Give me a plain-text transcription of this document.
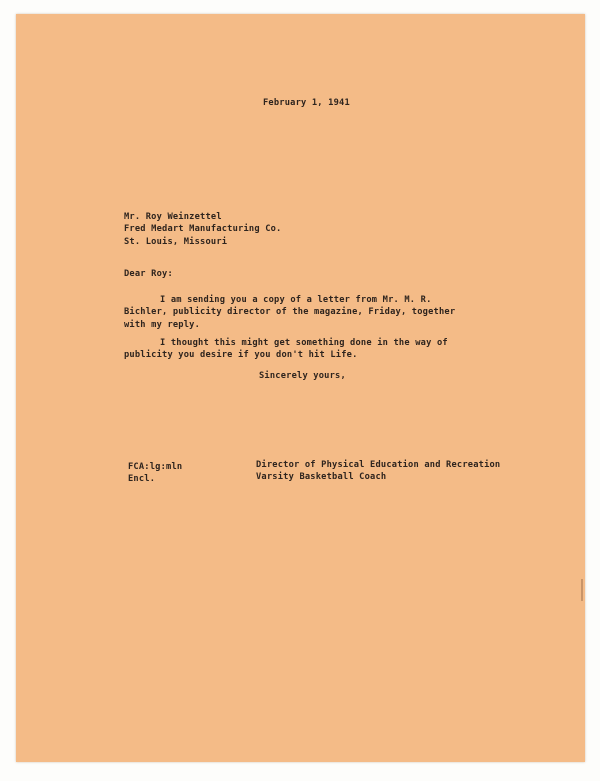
February 1, 1941

Mr. Roy Weinzettel

Fred Medart Manufacturing Co.

St. Louis, Missouri

Dear Roy:

I am sending you a copy of a letter from Mr. M. R.

Bichler, publicity director of the magazine, Friday, together

with my reply.

I thought this might get something done in the way of

publicity you desire if you don't hit Life.

Sincerely yours,

FCA:lg:mln

Encl.

Director of Physical Education and Recreation

Varsity Basketball Coach
